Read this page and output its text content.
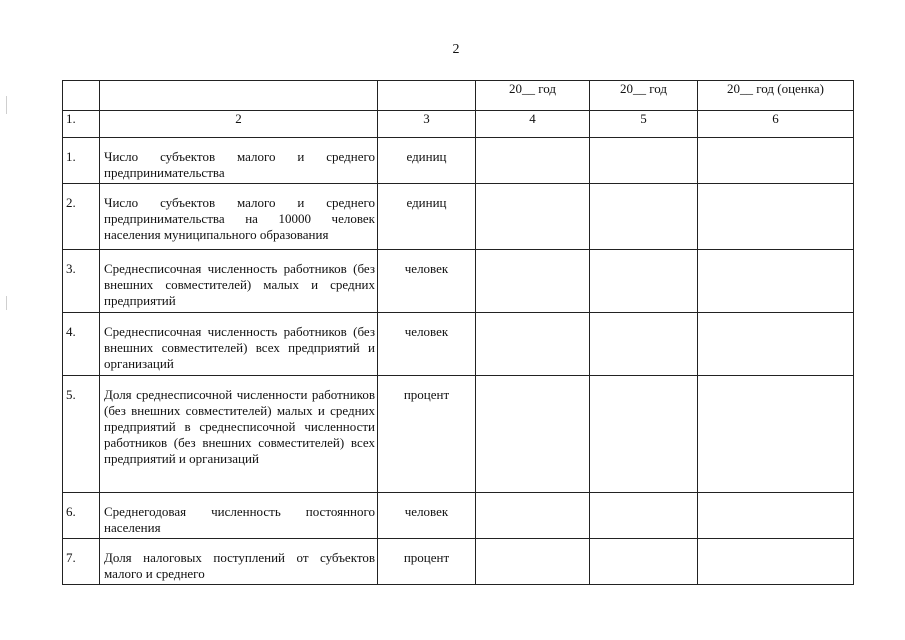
2
			20__ год	20__ год	20__ год (оценка)
1.	2	3	4	5	6

1.	Число субъектов малого и среднего предпринимательства	единиц			

2.	Число субъектов малого и среднего предпринимательства на 10000 человек населения муниципального образования	единиц			

3.	Среднесписочная численность работников (без внешних совместителей) малых и средних предприятий	человек			

4.	Среднесписочная численность работников (без внешних совместителей) всех предприятий и организаций	человек			

5.	Доля среднесписочной численности работников (без внешних совместителей) малых и средних предприятий в среднесписочной численности работников (без внешних совместителей) всех предприятий и организаций	процент			

6.	Среднегодовая численность постоянного населения	человек			

7.	Доля налоговых поступлений от субъектов малого и среднего	процент			
